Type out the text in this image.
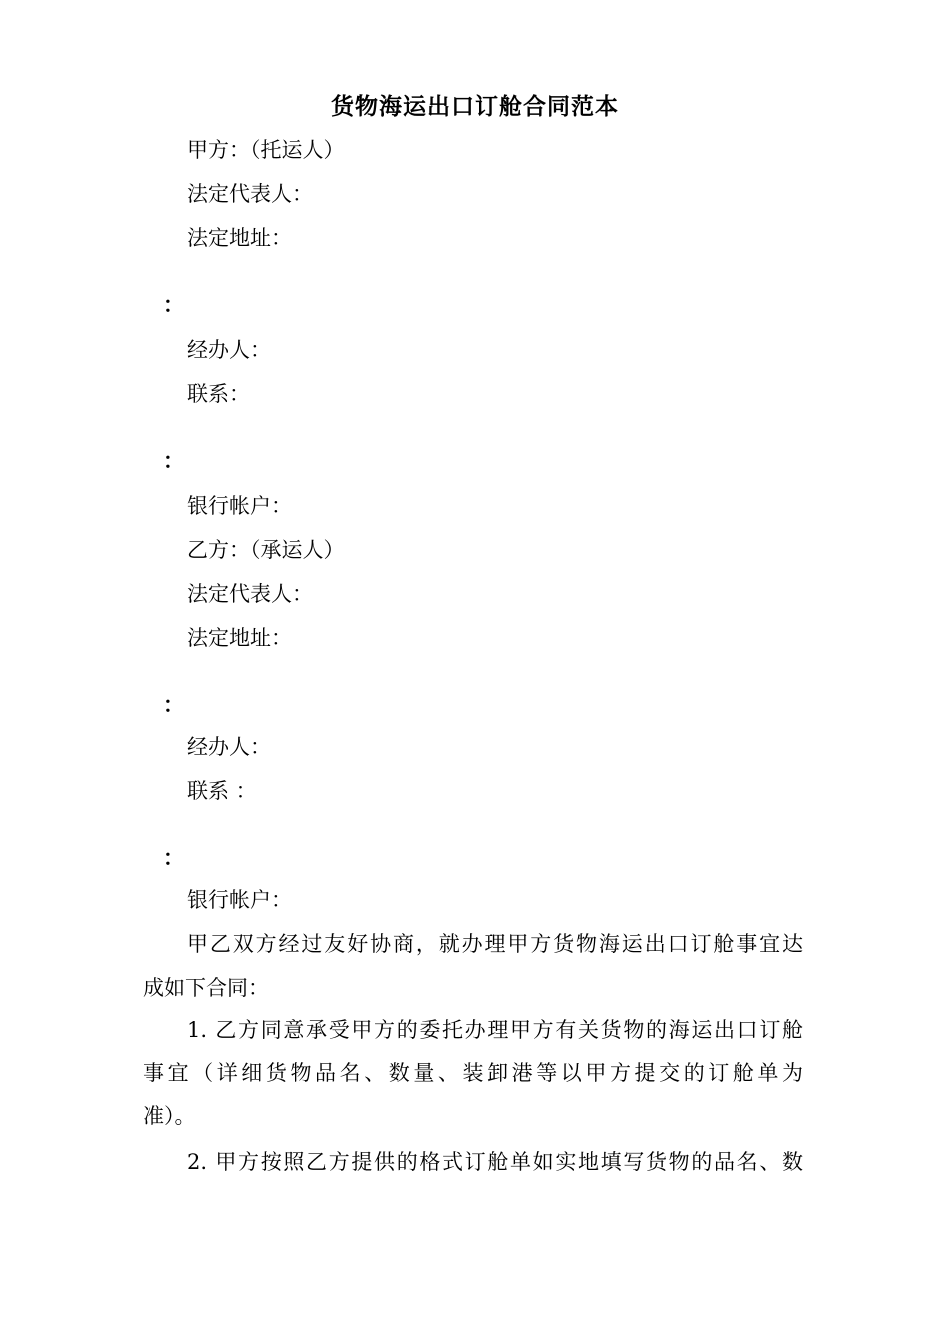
货物海运出口订舱合同范本
甲方：（托运人）
法定代表人：
法定地址：
：
经办人：
联系：
：
银行帐户：
乙方：（承运人）
法定代表人：
法定地址：
：
经办人：
联系 ：
：
银行帐户：
甲乙双方经过友好协商，就办理甲方货物海运出口订舱事宜达
成如下合同：
1. 乙方同意承受甲方的委托办理甲方有关货物的海运出口订舱
事宜（详细货物品名、数量、装卸港等以甲方提交的订舱单为
准）。
2. 甲方按照乙方提供的格式订舱单如实地填写货物的品名、数
